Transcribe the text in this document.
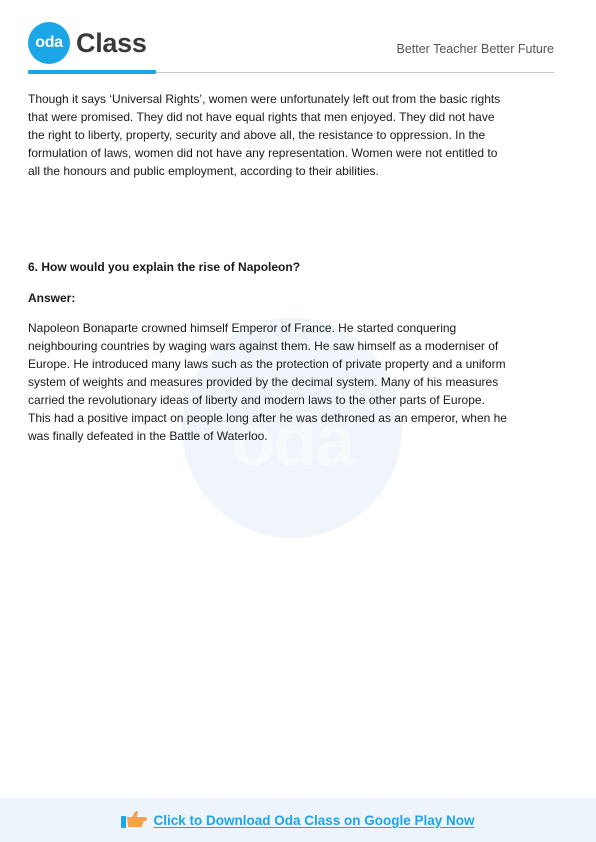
oda Class	Better Teacher Better Future
oda

Though it says ‘Universal Rights’, women were unfortunately left out from the basic rights that were promised. They did not have equal rights that men enjoyed. They did not have the right to liberty, property, security and above all, the resistance to oppression. In the formulation of laws, women did not have any representation. Women were not entitled to all the honours and public employment, according to their abilities.

6. How would you explain the rise of Napoleon?

Answer:

Napoleon Bonaparte crowned himself Emperor of France. He started conquering neighbouring countries by waging wars against them. He saw himself as a moderniser of Europe. He introduced many laws such as the protection of private property and a uniform system of weights and measures provided by the decimal system. Many of his measures carried the revolutionary ideas of liberty and modern laws to the other parts of Europe. This had a positive impact on people long after he was dethroned as an emperor, when he was finally defeated in the Battle of Waterloo.

Click to Download Oda Class on Google Play Now
